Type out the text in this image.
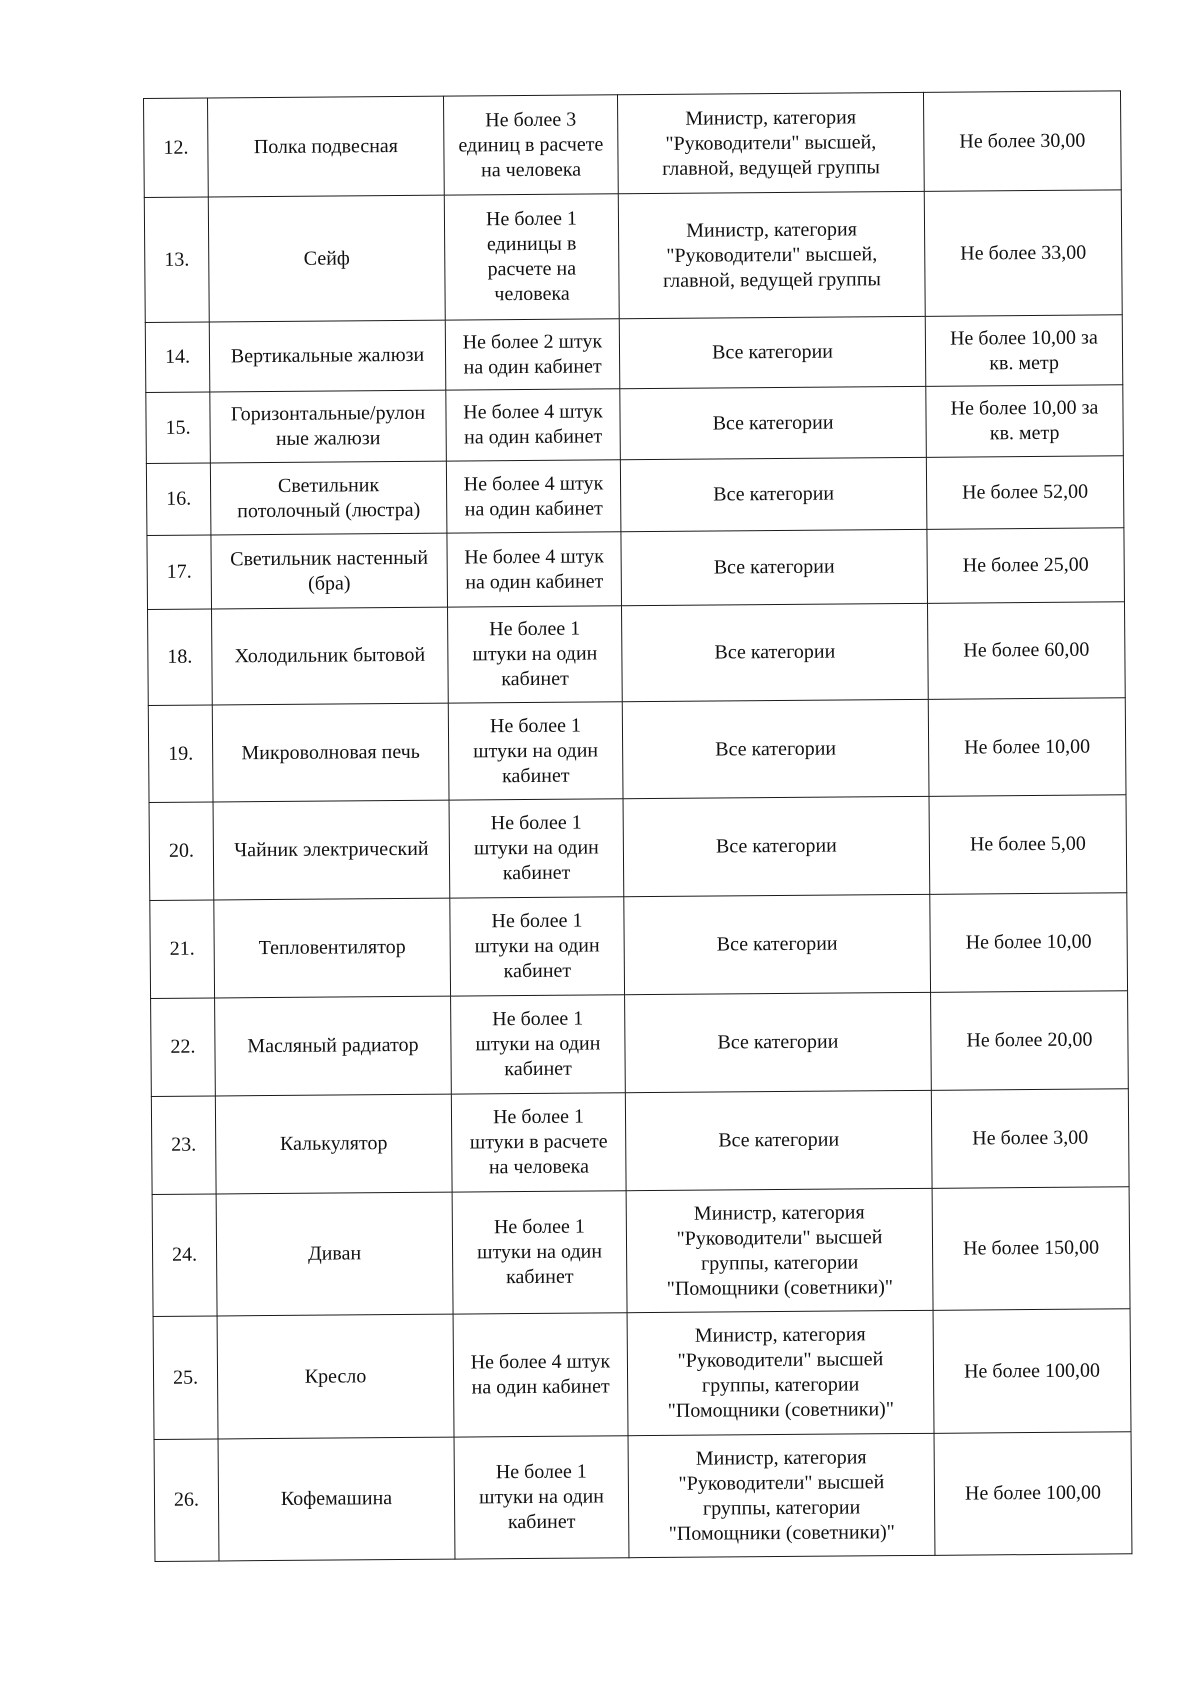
12.	Полка подвесная	Не более 3
единиц в расчете
на человека	Министр, категория
"Руководители" высшей,
главной, ведущей группы	Не более 30,00

13.	Сейф	Не более 1
единицы в
расчете на
человека	Министр, категория
"Руководители" высшей,
главной, ведущей группы	Не более 33,00

14.	Вертикальные жалюзи	Не более 2 штук
на один кабинет	Все категории	Не более 10,00 за
кв. метр

15.	Горизонтальные/рулон
ные жалюзи	Не более 4 штук
на один кабинет	Все категории	Не более 10,00 за
кв. метр

16.	Светильник
потолочный (люстра)	Не более 4 штук
на один кабинет	Все категории	Не более 52,00

17.	Светильник настенный
(бра)	Не более 4 штук
на один кабинет	Все категории	Не более 25,00

18.	Холодильник бытовой	Не более 1
штуки на один
кабинет	Все категории	Не более 60,00

19.	Микроволновая печь	Не более 1
штуки на один
кабинет	Все категории	Не более 10,00

20.	Чайник электрический	Не более 1
штуки на один
кабинет	Все категории	Не более 5,00

21.	Тепловентилятор	Не более 1
штуки на один
кабинет	Все категории	Не более 10,00

22.	Масляный радиатор	Не более 1
штуки на один
кабинет	Все категории	Не более 20,00

23.	Калькулятор	Не более 1
штуки в расчете
на человека	Все категории	Не более 3,00

24.	Диван	Не более 1
штуки на один
кабинет	Министр, категория
"Руководители" высшей
группы, категории
"Помощники (советники)"	Не более 150,00

25.	Кресло	Не более 4 штук
на один кабинет	Министр, категория
"Руководители" высшей
группы, категории
"Помощники (советники)"	Не более 100,00

26.	Кофемашина	Не более 1
штуки на один
кабинет	Министр, категория
"Руководители" высшей
группы, категории
"Помощники (советники)"	Не более 100,00
